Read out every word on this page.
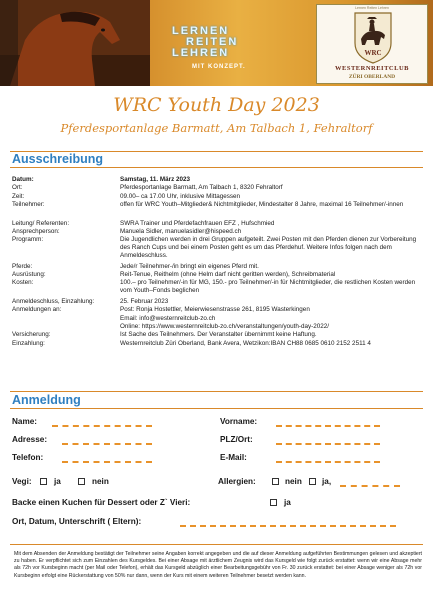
LERNEN
REITEN
LEHREN
MIT KONZEPT.
Lernen Reiten Lehren
WRC
WESTERNREITCLUB
ZÜRI OBERLAND
WRC Youth Day 2023
Pferdesportanlage Barmatt, Am Talbach 1, Fehraltorf
Ausschreibung
Datum:	Samstag, 11. März 2023
Ort:	Pferdesportanlage Barmatt, Am Talbach 1, 8320 Fehraltorf
Zeit:	09.00– ca 17.00 Uhr, inklusive Mittagessen
Teilnehmer:	offen für WRC Youth–Mitglieder& Nichtmitglieder, Mindestalter 8 Jahre, maximal 16 Teilnehmer/-innen
Leitung/ Referenten:	SWRA Trainer und Pferdefachfrauen EFZ , Hufschmied
Ansprechperson:	Manuela Sidler, manuelasidler@hispeed.ch
Programm:	Die Jugendlichen werden in drei Gruppen aufgeteilt. Zwei Posten mit den Pferden dienen zur Vorbereitung des Ranch Cups und bei einem Posten geht es um das Pferdehuf. Weitere Infos folgen nach dem Anmeldeschluss.
Pferde:	Jede/r Teilnehmer-/in bringt ein eigenes Pferd mit.
Ausrüstung:	Reit-Tenue, Reithelm (ohne Helm darf nicht geritten werden), Schreibmaterial
Kosten:	100.– pro Teilnehmer/-in für MG, 150.- pro Teilnehmer/-in für Nichtmitglieder, die restlichen Kosten werden vom Youth–Fonds beglichen
Anmeldeschluss, Einzahlung:	25. Februar 2023
Anmeldungen an:	Post: Ronja Hostettler, Meierwiesenstrasse 261, 8195 Wasterkingen
Email: info@westernreitclub-zo.ch
Online: https://www.westernreitclub-zo.ch/veranstaltungen/youth-day-2022/
Versicherung:	Ist Sache des Teilnehmers. Der Veranstalter übernimmt keine Haftung.
Einzahlung:	Westernreitclub Züri Oberland, Bank Avera, Wetzikon:IBAN CH88 0685 0610 2152 2511 4
Anmeldung
Name:	Vorname:
Adresse:	PLZ/Ort:
Telefon:	E-Mail:
Vegi:	ja	nein	Allergien:	nein ja,
Backe einen Kuchen für Dessert oder Z` Vieri:	ja
Ort, Datum, Unterschrift ( Eltern):
Mit dem Absenden der Anmeldung bestätigt der Teilnehmer seine Angaben korrekt angegeben und die auf dieser Anmeldung aufgeführten Bestimmungen gelesen und akzeptiert zu haben. Er verpflichtet sich zum Einzahlen des Kursgeldes. Bei einer Absage mit ärztlichem Zeugnis wird das Kursgeld wie folgt zurück erstattet: wenn wir eine Absage mehr als 72h vor Kursbeginn macht (per Mail oder Telefon), erhält das Kursgeld abzüglich einer Bearbeitungsgebühr von Fr. 30 zurück erstattet: bei einer Absage weniger als 72h vor Kursbeginn erfolgt eine Rückerstattung von 50% nur dann, wenn der Kurs mit einem weiteren Teilnehmer besetzt werden kann.
